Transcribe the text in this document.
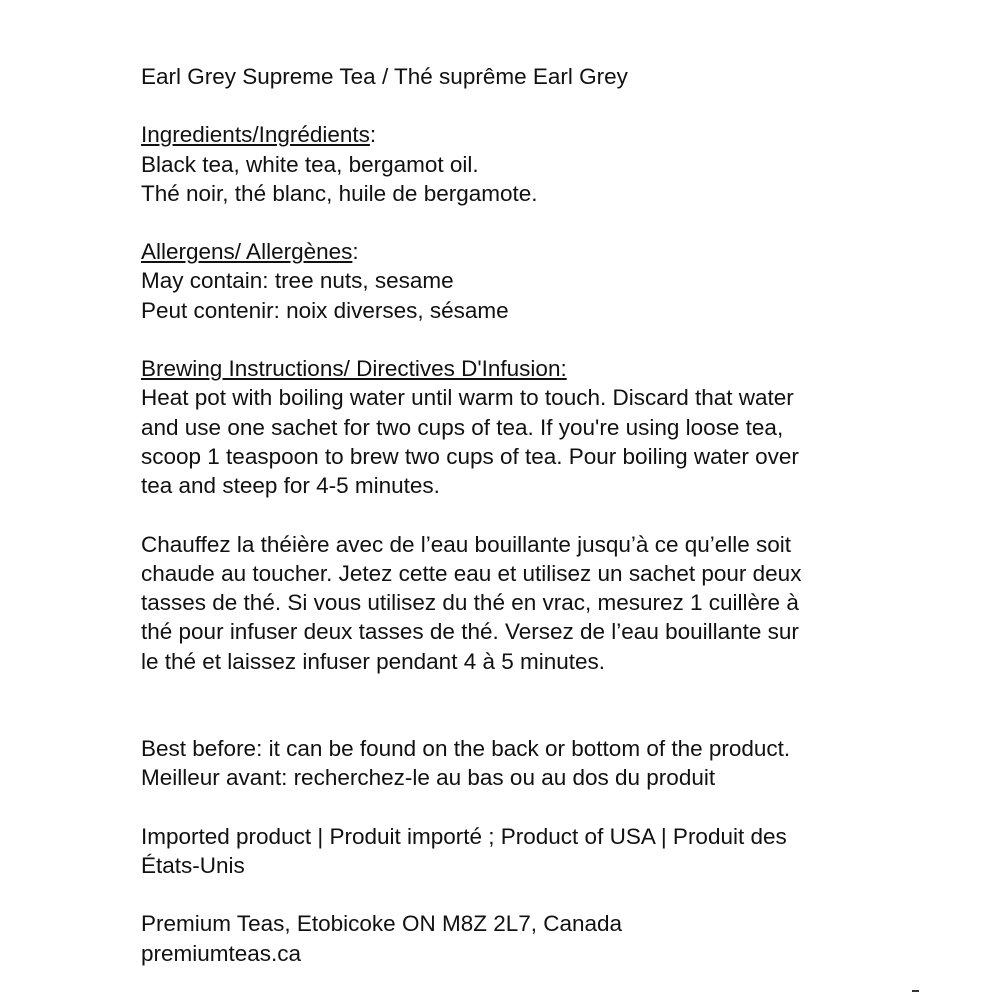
Earl Grey Supreme Tea / Thé suprême Earl Grey
Ingredients/Ingrédients:
Black tea, white tea, bergamot oil.
Thé noir, thé blanc, huile de bergamote.
Allergens/ Allergènes:
May contain: tree nuts, sesame
Peut contenir: noix diverses, sésame
Brewing Instructions/ Directives D'Infusion:
Heat pot with boiling water until warm to touch. Discard that water
and use one sachet for two cups of tea. If you're using loose tea,
scoop 1 teaspoon to brew two cups of tea. Pour boiling water over
tea and steep for 4-5 minutes.
Chauffez la théière avec de l’eau bouillante jusqu’à ce qu’elle soit
chaude au toucher. Jetez cette eau et utilisez un sachet pour deux
tasses de thé. Si vous utilisez du thé en vrac, mesurez 1 cuillère à
thé pour infuser deux tasses de thé. Versez de l’eau bouillante sur
le thé et laissez infuser pendant 4 à 5 minutes.
Best before: it can be found on the back or bottom of the product.
Meilleur avant: recherchez-le au bas ou au dos du produit
Imported product | Produit importé ; Product of USA | Produit des
États-Unis
Premium Teas, Etobicoke ON M8Z 2L7, Canada
premiumteas.ca
